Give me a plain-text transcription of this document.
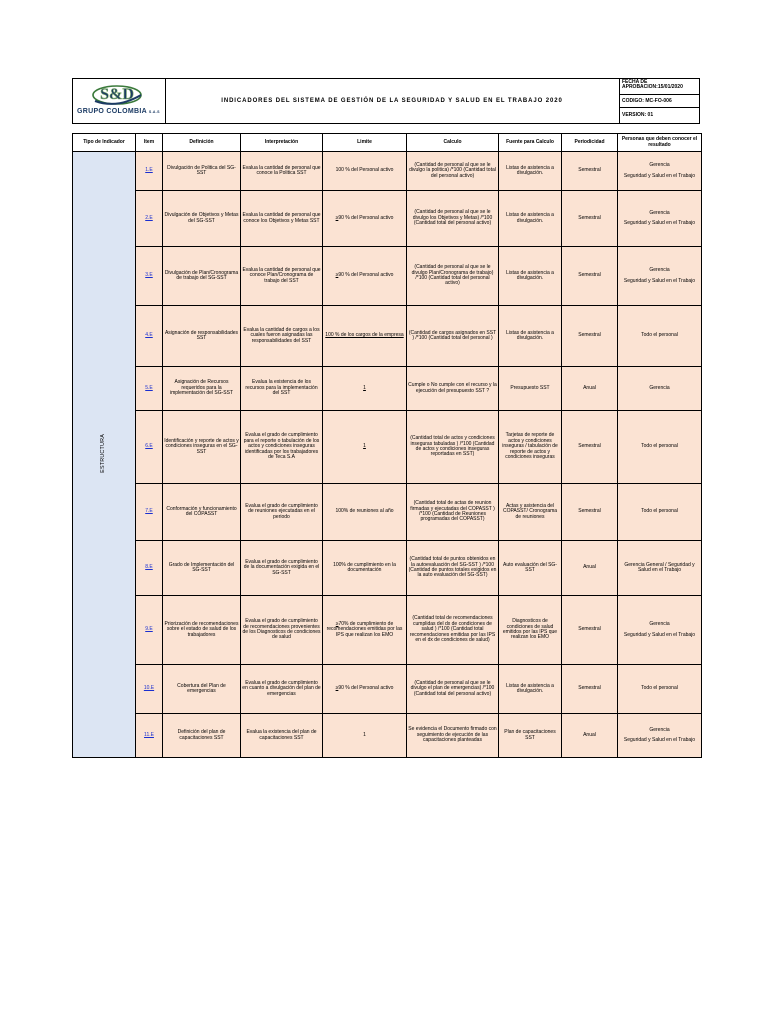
S&D
GRUPO COLOMBIA S.A.S
INDICADORES DEL SISTEMA DE GESTIÓN DE LA SEGURIDAD Y SALUD EN EL TRABAJO 2020
FECHA DE
APROBACION:15/01/2020
CODIGO: MC-FO-006
VERSION: 01
Tipo de Indicador	Item	Definición	Interpretación	Limite	Calculo	Fuente para Calculo	Periodicidad	Personas que deben conocer el resultado
ESTRUCTURA	1.E	Divulgación de Politica del SG-SST	Evalua la cantidad de personal que conoce la Politica SST	100 % del Personal activo	(Cantidad de personal al que se le divulgo la politica) /*100 (Cantidad total del personal activo)	Listas de asistencia a divulgación.	Semestral	Gerencia
Seguridad y Salud en el Trabajo
	2.E	Divulgación de Objetivos y Metas del SG-SST	Evalua la cantidad de personal que conoce los Objetivos y Metas SST	≥90 % del Personal activo	(Cantidad de personal al que se le divulgo los Objetivos y Metas) /*100 (Cantidad total del personal activo)	Listas de asistencia a divulgación.	Semestral	Gerencia
Seguridad y Salud en el Trabajo
	3.E	Divulgación de Plan/Cronograma de trabajo del SG-SST	Evalua la cantidad de personal que conoce Plan/Cronograma de trabajo del SST	≥90 % del Personal activo	(Cantidad de personal al que se le divulgo Plan/Cronograma de trabajo) /*100 (Cantidad total del personal activo)	Listas de asistencia a divulgación.	Semestral	Gerencia
Seguridad y Salud en el Trabajo
	4.E	Asignación de responsabilidades SST	Evalua la cantidad de cargos a los cuales fueron asignadas las responsabilidades del SST	100 % de los cargos de la empresa	(Cantidad de cargos asignados en SST ) /*100 (Cantidad total del personal )	Listas de asistencia a divulgación.	Semestral	Todo el personal
	5.E	Asignación de Recursos requeridos para la implementación del SG-SST	Evalua la existencia de los recursos para la implementación del SST	1	Cumple o No cumple con el recurso y la ejecución del presupuesto SST ?	Presupuesto SST	Anual	Gerencia
	6.E	Identificación y reporte de actos y condiciones inseguras en el SG-SST	Evalua el grado de cumplimiento para el reporte o tabulación de los actos y condiciones inseguras identificadas por los trabajadores de Teca S.A	1	(Cantidad total de actos y condiciones inseguras tabuladas ) /*100 (Cantidad de actos y condiciones inseguras reportadas en SST)	Tarjetas de reporte de actos y condiciones inseguras / tabulación de reporte de actos y condiciones inseguras	Semestral	Todo el personal
	7.E	Conformación y funcionamiento del COPASST	Evalua el grado de cumplimiento de reuniones ejecutadas en el periodo	100% de reuniones al año	(Cantidad total de actas de reunion firmadas y ejecutadas del COPASST ) /*100 (Cantidad de Reuniones programadas del COPASST)	Actas y asistencia del COPASST/ Cronograma de reuniones	Semestral	Todo el personal
	8.E	Grado de Implementación del SG-SST	Evalua el grado de cumplimiento de la documentación exigida en el SG-SST	100% de cumplimiento en la documentación	(Cantidad total de puntos obtenidos en la autoevaluación del SG-SST ) /*100 (Cantidad de puntos totales exigidos en la auto evaluación del SG-SST)	Auto evaluación del SG-SST	Anual	Gerencia General / Seguridad y Salud en el Trabajo
	9.E	Priorización de recomendaciones sobre el estado de salud de los trabajadores	Evalua el grado de cumplimiento de recomendaciones provenientes de los Diagnosticos de condiciones de salud	≥70% de cumplimiento de recomendaciones emitidas por las IPS que realizan los EMO	(Cantidad total de recomendaciones cumplidas del dx de condiciones de salud ) /*100 (Cantidad total recomendaciones emitidas por las IPS en el dx de condiciones de salud)	Diagnosticos de condiciones de salud emitidos por las IPS que realizan los EMO	Semestral	Gerencia
Seguridad y Salud en el Trabajo
	10.E	Cobertura del Plan de emergencias	Evalua el grado de cumplimiento en cuanto a divulgación del plan de emergencias	≥90 % del Personal activo	(Cantidad de personal al que se le divulgo el plan de emergencias) /*100 (Cantidad total del personal activo)	Listas de asistencia a divulgación.	Semestral	Todo el personal
	11.E	Definición del plan de capacitaciones SST	Evalua la existencia del plan de capacitaciones SST	1	Se evidencia el Documento firmado con seguimiento de ejecución de las capacitaciones planteadas	Plan de capacitaciones SST	Anual	Gerencia
Seguridad y Salud en el Trabajo
